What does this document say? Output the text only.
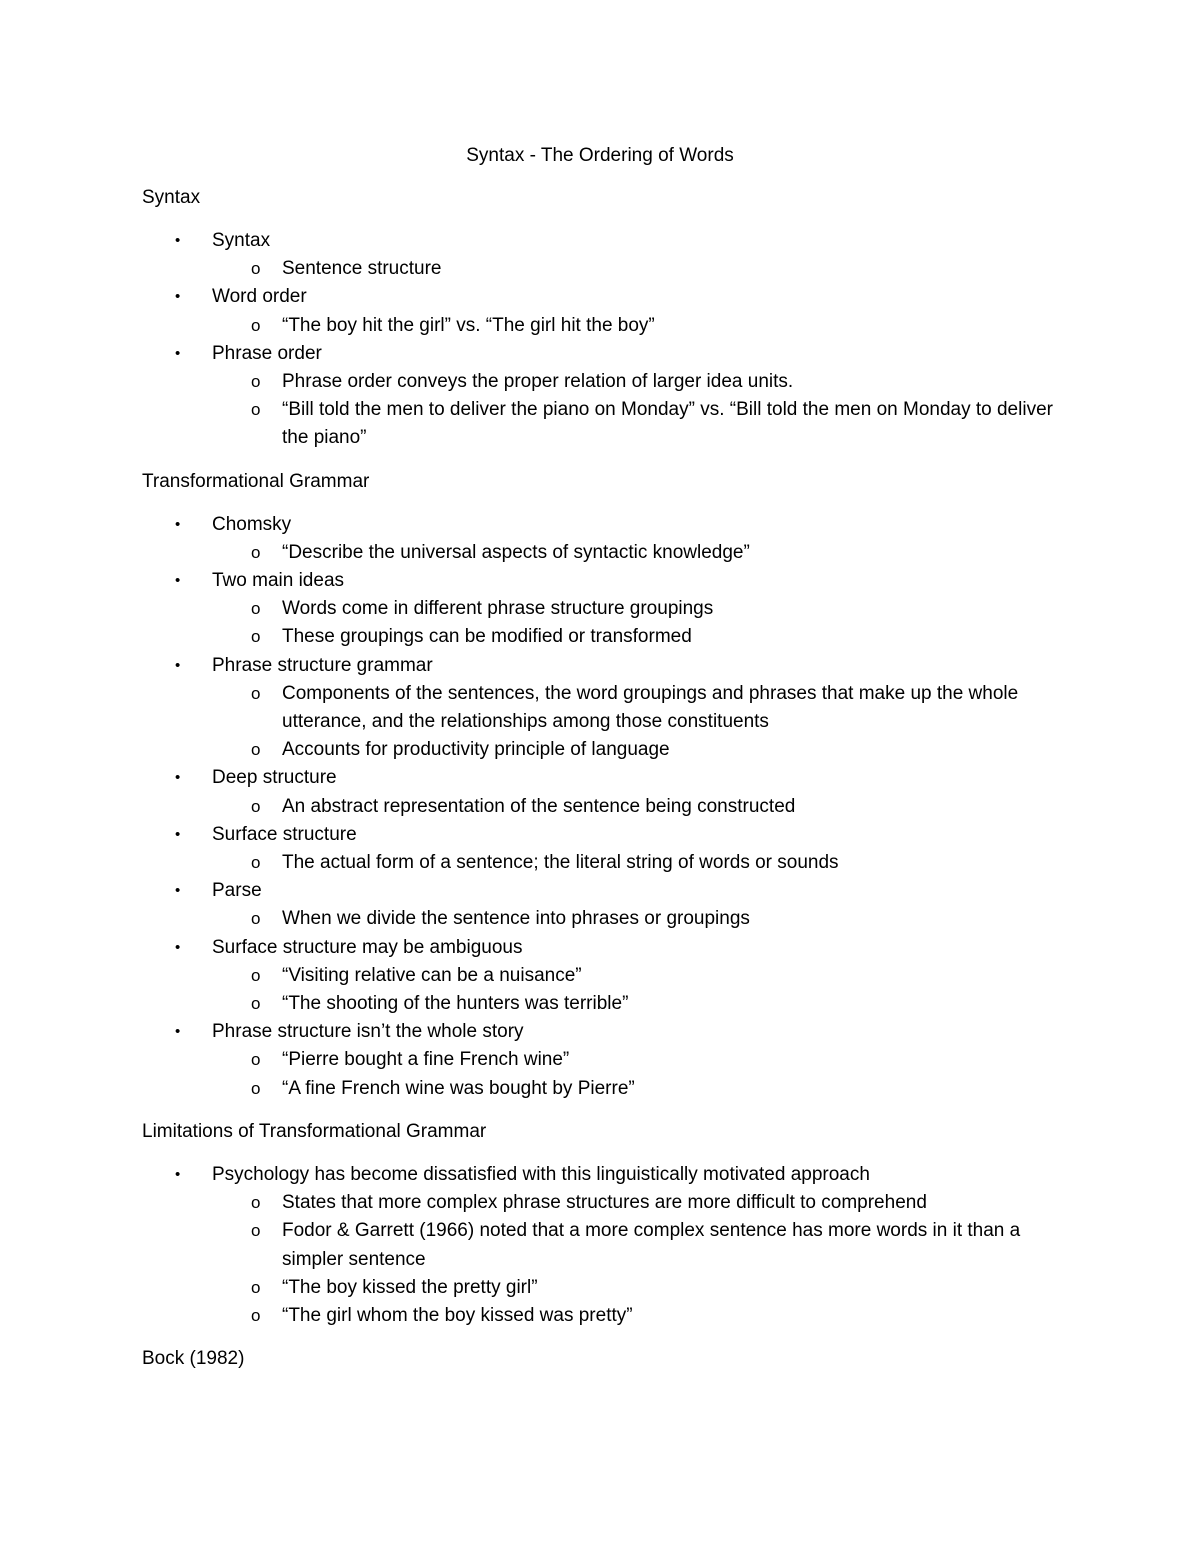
Syntax - The Ordering of Words
Syntax
•	Syntax
o	Sentence structure
•	Word order
o	“The boy hit the girl” vs. “The girl hit the boy”
•	Phrase order
o	Phrase order conveys the proper relation of larger idea units.
o	“Bill told the men to deliver the piano on Monday” vs. “Bill told the men on Monday to deliver the piano”
Transformational Grammar
•	Chomsky
o	“Describe the universal aspects of syntactic knowledge”
•	Two main ideas
o	Words come in different phrase structure groupings
o	These groupings can be modified or transformed
•	Phrase structure grammar
o	Components of the sentences, the word groupings and phrases that make up the whole utterance, and the relationships among those constituents
o	Accounts for productivity principle of language
•	Deep structure
o	An abstract representation of the sentence being constructed
•	Surface structure
o	The actual form of a sentence; the literal string of words or sounds
•	Parse
o	When we divide the sentence into phrases or groupings
•	Surface structure may be ambiguous
o	“Visiting relative can be a nuisance”
o	“The shooting of the hunters was terrible”
•	Phrase structure isn’t the whole story
o	“Pierre bought a fine French wine”
o	“A fine French wine was bought by Pierre”
Limitations of Transformational Grammar
•	Psychology has become dissatisfied with this linguistically motivated approach
o	States that more complex phrase structures are more difficult to comprehend
o	Fodor & Garrett (1966) noted that a more complex sentence has more words in it than a simpler sentence
o	“The boy kissed the pretty girl”
o	“The girl whom the boy kissed was pretty”
Bock (1982)
